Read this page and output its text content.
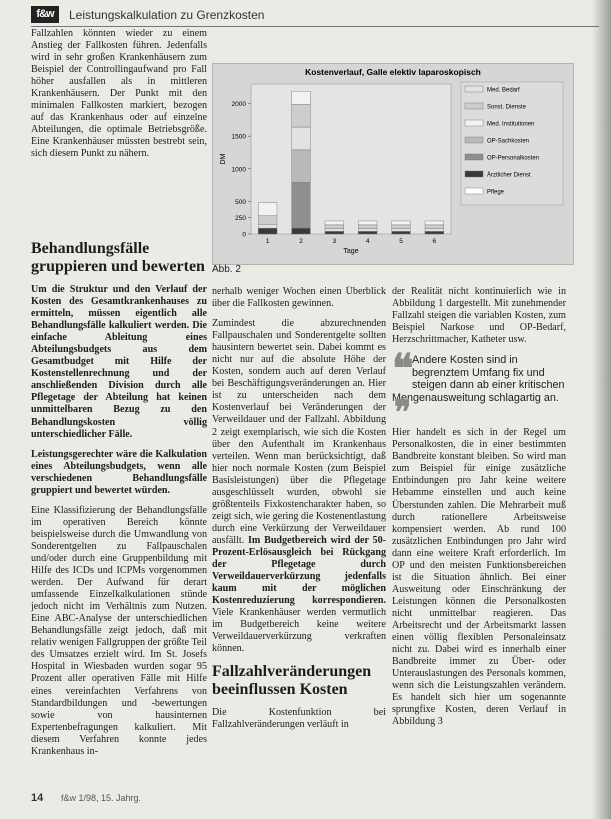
f&w	Leistungskalkulation zu Grenzkosten

Fallzahlen könnten wieder zu einem Anstieg der Fallkosten führen. Jedenfalls wird in sehr großen Krankenhäusern zum Beispiel der Controllingaufwand pro Fall höher ausfallen als in mittleren Krankenhäusern. Der Punkt mit den minimalen Fallkosten markiert, bezogen auf das Krankenhaus oder auf einzelne Abteilungen, die optimale Betriebsgröße. Eine Krankenhäuser müssten bestrebt sein, sich diesem Punkt zu nähern.

Behandlungsfälle gruppieren und bewerten

Um die Struktur und den Verlauf der Kosten des Gesamtkrankenhauses zu ermitteln, müssen eigentlich alle Behandlungsfälle kalkuliert werden. Die einfache Ableitung eines Abteilungsbudgets aus dem Gesamtbudget mit Hilfe der Kostenstellenrechnung und der anschließenden Division durch alle Pflegetage der Abteilung hat keinen unmittelbaren Bezug zu den Behandlungskosten völlig unterschiedlicher Fälle.

Leistungsgerechter wäre die Kalkulation eines Abteilungsbudgets, wenn alle verschiedenen Behandlungsfälle gruppiert und bewertet würden.

Eine Klassifizierung der Behandlungsfälle im operativen Bereich könnte beispielsweise durch die Umwandlung von Sonderentgelten zu Fallpauschalen und/oder durch eine Gruppenbildung mit Hilfe des ICDs und ICPMs vorgenommen werden. Der Aufwand für derart umfassende Einzelkalkulationen stünde jedoch nicht im Verhältnis zum Nutzen. Eine ABC-Analyse der unterschiedlichen Behandlungsfälle zeigt jedoch, daß mit relativ wenigen Fallgruppen der größte Teil des Umsatzes erzielt wird. Im St. Josefs Hospital in Wiesbaden wurden sogar 95 Prozent aller operativen Fälle mit Hilfe eines vereinfachten Verfahrens von Standardbildungen und -bewertungen sowie von hausinternen Expertenbefragungen kalkuliert. Mit diesem Verfahren konnte jedes Krankenhaus in-

Kostenverlauf, Galle elektiv laparoskopisch
0
250
500
1000
1500
2000
DM
1	2	3	4	5	6
Tage
Med. Bedarf
Sonst. Dienste
Med. Institutionen
OP-Sachkosten
OP-Personalkosten
Ärztlicher Dienst
Pflege
Abb. 2

nerhalb weniger Wochen einen Überblick über die Fallkosten gewinnen.

Zumindest die abzurechnenden Fallpauschalen und Sonderentgelte sollten hausintern bewertet sein. Dabei kommt es nicht nur auf die absolute Höhe der Kosten, sondern auch auf deren Verlauf bei Beschäftigungsveränderungen an. Hier ist zu unterscheiden nach dem Kostenverlauf bei Veränderungen der Verweildauer und der Fallzahl. Abbildung 2 zeigt exemplarisch, wie sich die Kosten über den Aufenthalt im Krankenhaus verteilen. Wenn man berücksichtigt, daß hier noch normale Kosten (zum Beispiel Basisleistungen) über die Pflegetage ausgeschlüsselt wurden, obwohl sie größtenteils Fixkostencharakter haben, so zeigt sich, wie gering die Kostenentlastung durch eine Verkürzung der Verweildauer ausfällt. Im Budgetbereich wird der 50-Prozent-Erlösausgleich bei Rückgang der Pflegetage durch Verweildauerverkürzung jedenfalls kaum mit der möglichen Kostenreduzierung korrespondieren. Viele Krankenhäuser werden vermutlich im Budgetbereich keine weitere Verweildauerverkürzung verkraften können.

Fallzahlveränderungen beeinflussen Kosten

Die Kostenfunktion bei Fallzahlveränderungen verläuft in

der Realität nicht kontinuierlich wie in Abbildung 1 dargestellt. Mit zunehmender Fallzahl steigen die variablen Kosten, zum Beispiel Narkose und OP-Bedarf, Herzschrittmacher, Katheter usw.

❝

Andere Kosten sind in begrenztem Umfang fix und steigen dann ab einer kritischen Mengenausweitung schlagartig an.❞

Hier handelt es sich in der Regel um Personalkosten, die in einer bestimmten Bandbreite konstant bleiben. So wird man zum Beispiel für einige zusätzliche Entbindungen pro Jahr keine weitere Hebamme einstellen und auch keine Überstunden zahlen. Die Mehrarbeit muß durch rationellere Arbeitsweise kompensiert werden. Ab rund 100 zusätzlichen Entbindungen pro Jahr wird dann eine weitere Kraft erforderlich. Im OP und den meisten Funktionsbereichen ist die Situation ähnlich. Bei einer Ausweitung oder Einschränkung der Leistungen können die Personalkosten nicht unmittelbar reagieren. Das Arbeitsrecht und der Arbeitsmarkt lassen einen völlig flexiblen Personaleinsatz nicht zu. Dabei wird es innerhalb einer Bandbreite immer zu Über- oder Unterauslastungen des Personals kommen, wenn sich die Leistungszahlen verändern. Es handelt sich hier um sogenannte sprungfixe Kosten, deren Verlauf in Abbildung 3

14 f&w 1/98, 15. Jahrg.
